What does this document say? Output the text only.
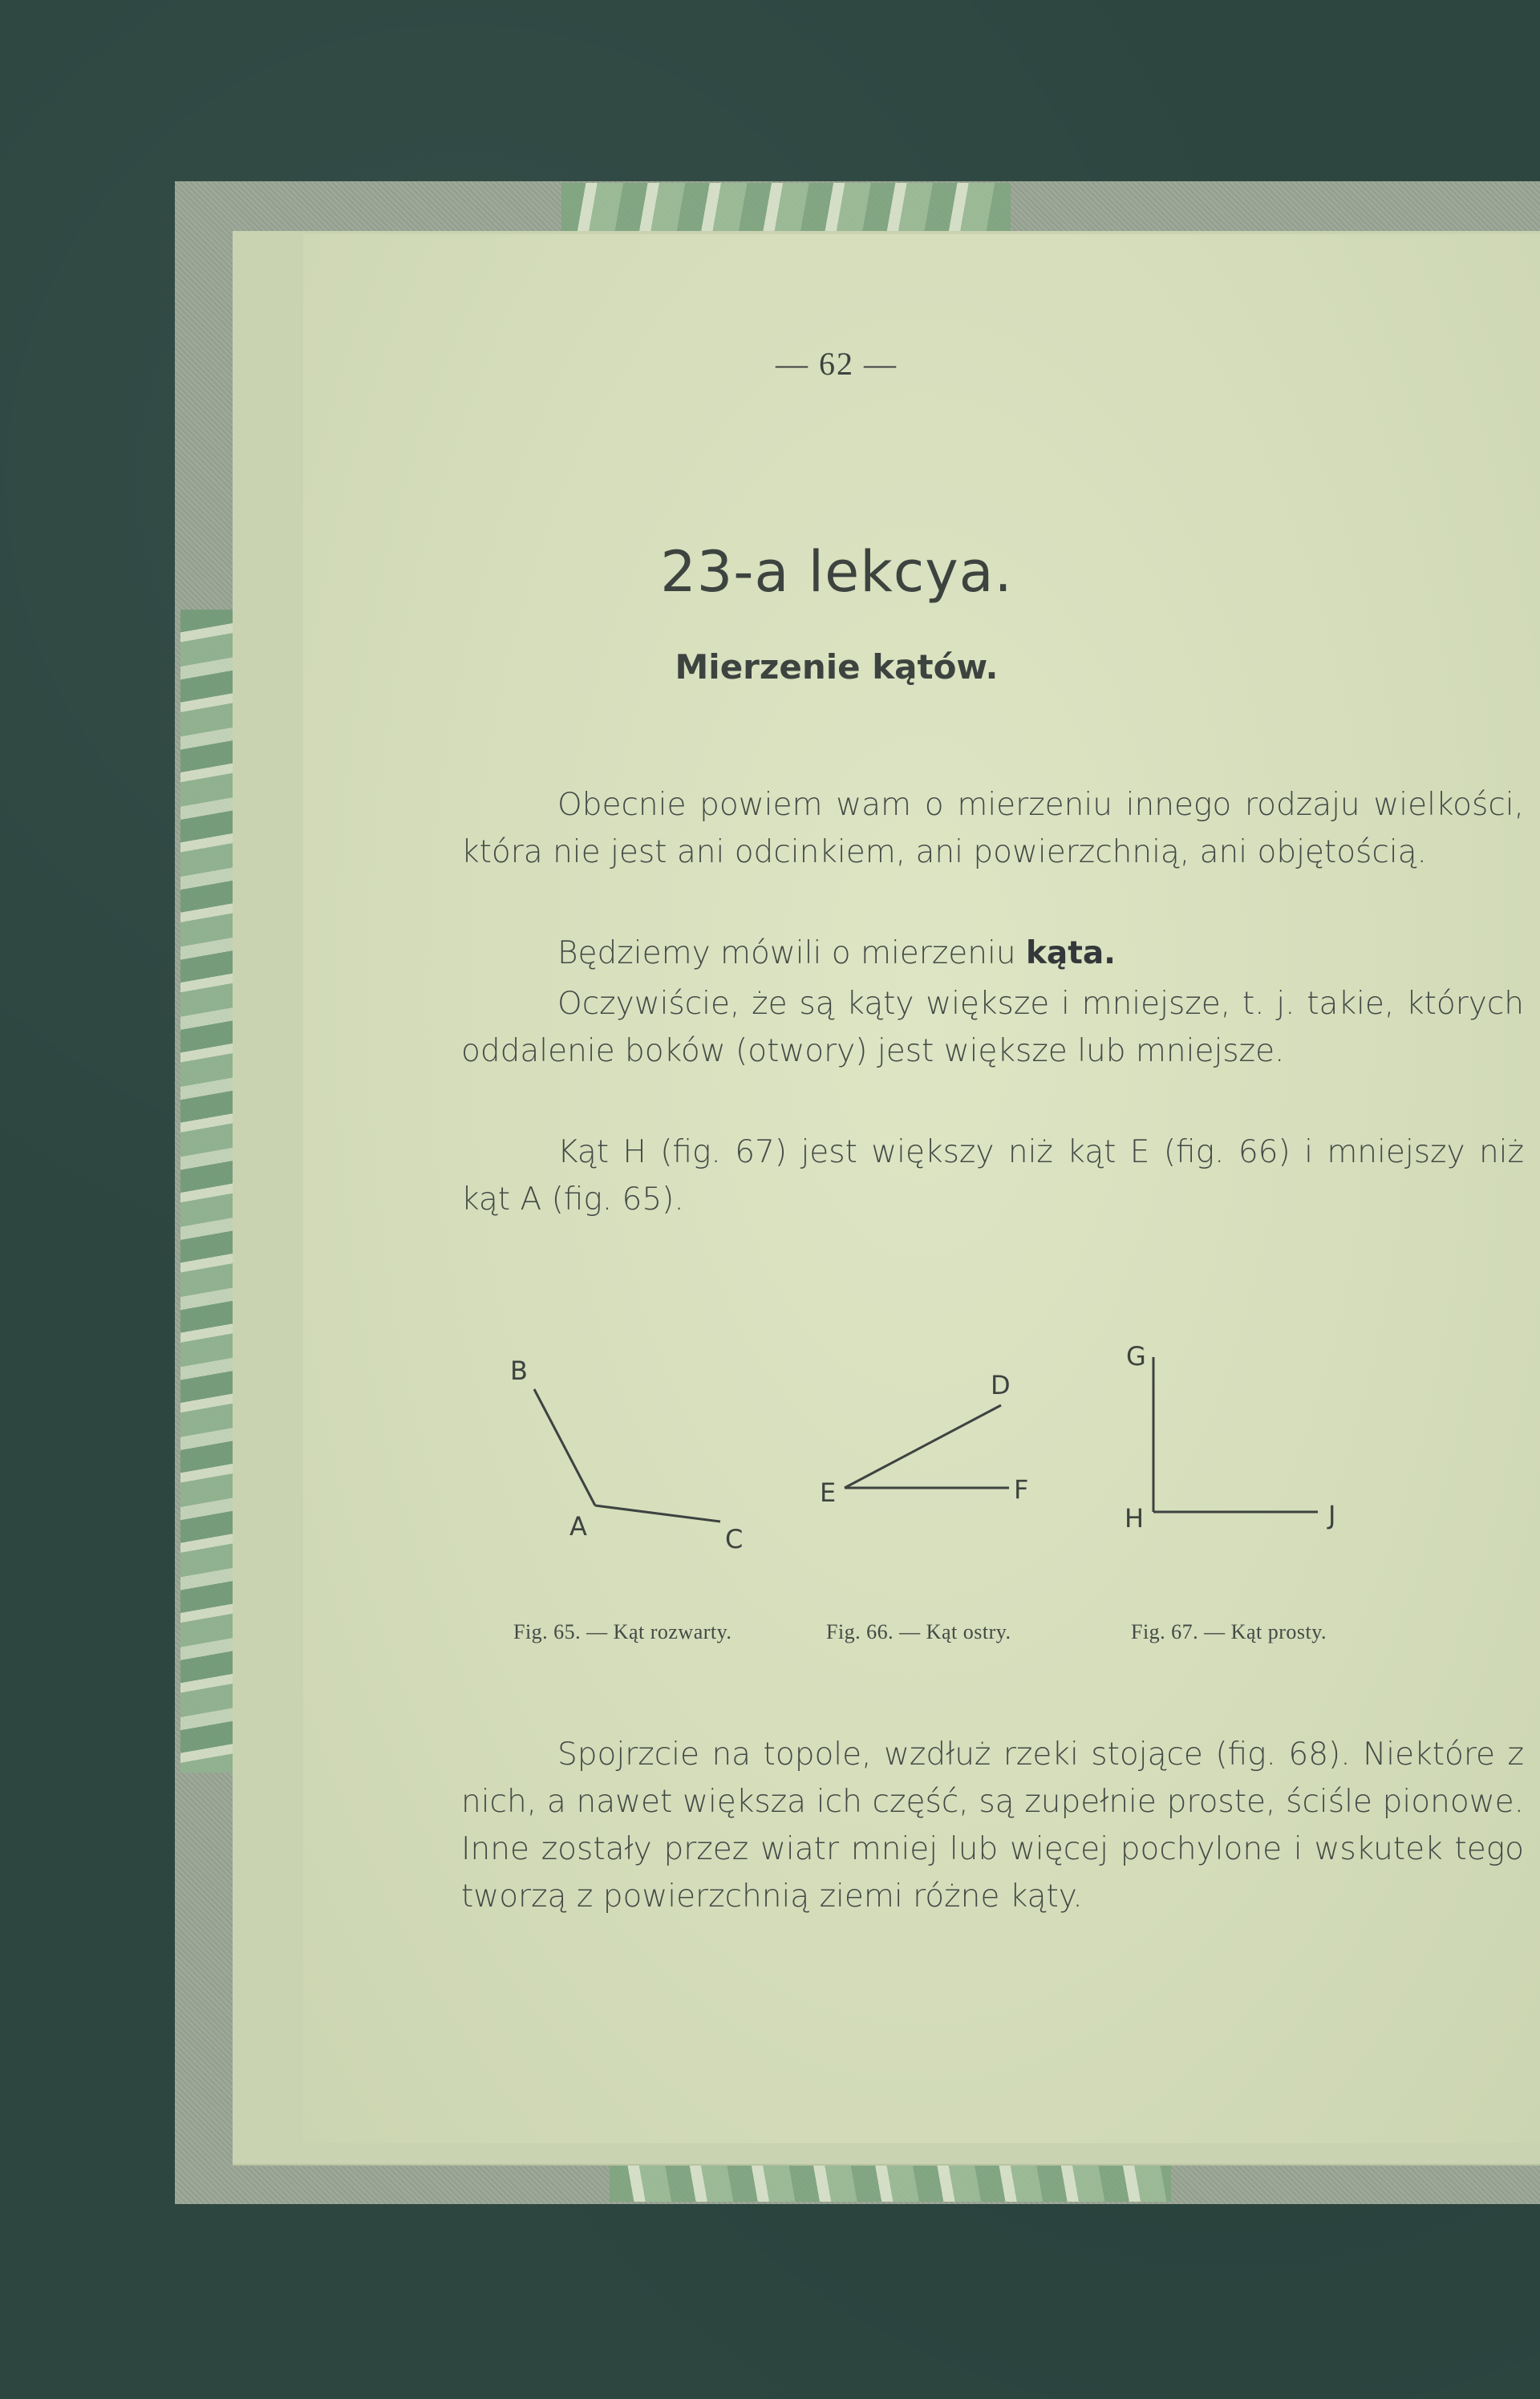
— 62 —
23-a lekcya.
Mierzenie kątów.

Obecnie powiem wam o mierzeniu innego rodzaju wielkości, która nie jest ani odcinkiem, ani powierzchnią, ani objętością.

Będziemy mówili o mierzeniu kąta.

Oczywiście, że są kąty większe i mniejsze, t. j. takie, których oddalenie boków (otwory) jest większe lub mniejsze.

Kąt H (fig. 67) jest większy niż kąt E (fig. 66) i mniejszy niż kąt A (fig. 65).

B
A	C
D
E	F
G
H	J
Fig. 65. — Kąt rozwarty.	Fig. 66. — Kąt ostry.	Fig. 67. — Kąt prosty.

Spojrzcie na topole, wzdłuż rzeki stojące (fig. 68). Niektóre z nich, a nawet większa ich część, są zupełnie proste, ściśle pionowe. Inne zostały przez wiatr mniej lub więcej pochylone i wskutek tego tworzą z powierzchnią ziemi różne kąty.
